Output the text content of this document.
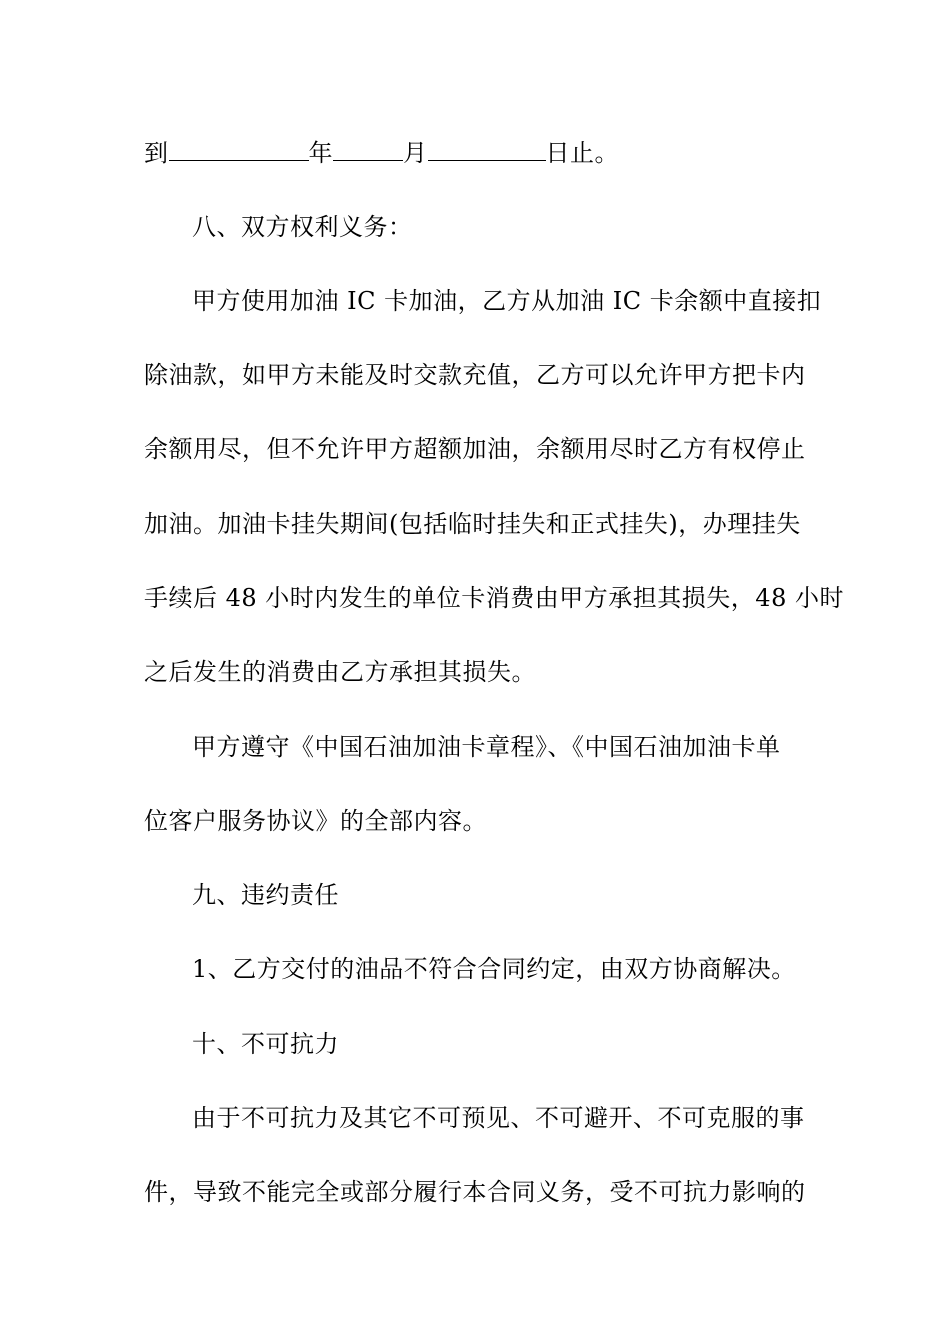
到	年	月	日止。
八、双方权利义务：
甲方使用加油 IC 卡加油，乙方从加油 IC 卡余额中直接扣
除油款，如甲方未能及时交款充值，乙方可以允许甲方把卡内
余额用尽，但不允许甲方超额加油，余额用尽时乙方有权停止
加油。加油卡挂失期间(包括临时挂失和正式挂失)，办理挂失
手续后 48 小时内发生的单位卡消费由甲方承担其损失，48 小时
之后发生的消费由乙方承担其损失。
甲方遵守《中国石油加油卡章程》、《中国石油加油卡单
位客户服务协议》的全部内容。
九、违约责任
1、乙方交付的油品不符合合同约定，由双方协商解决。
十、不可抗力
由于不可抗力及其它不可预见、不可避开、不可克服的事
件，导致不能完全或部分履行本合同义务，受不可抗力影响的
